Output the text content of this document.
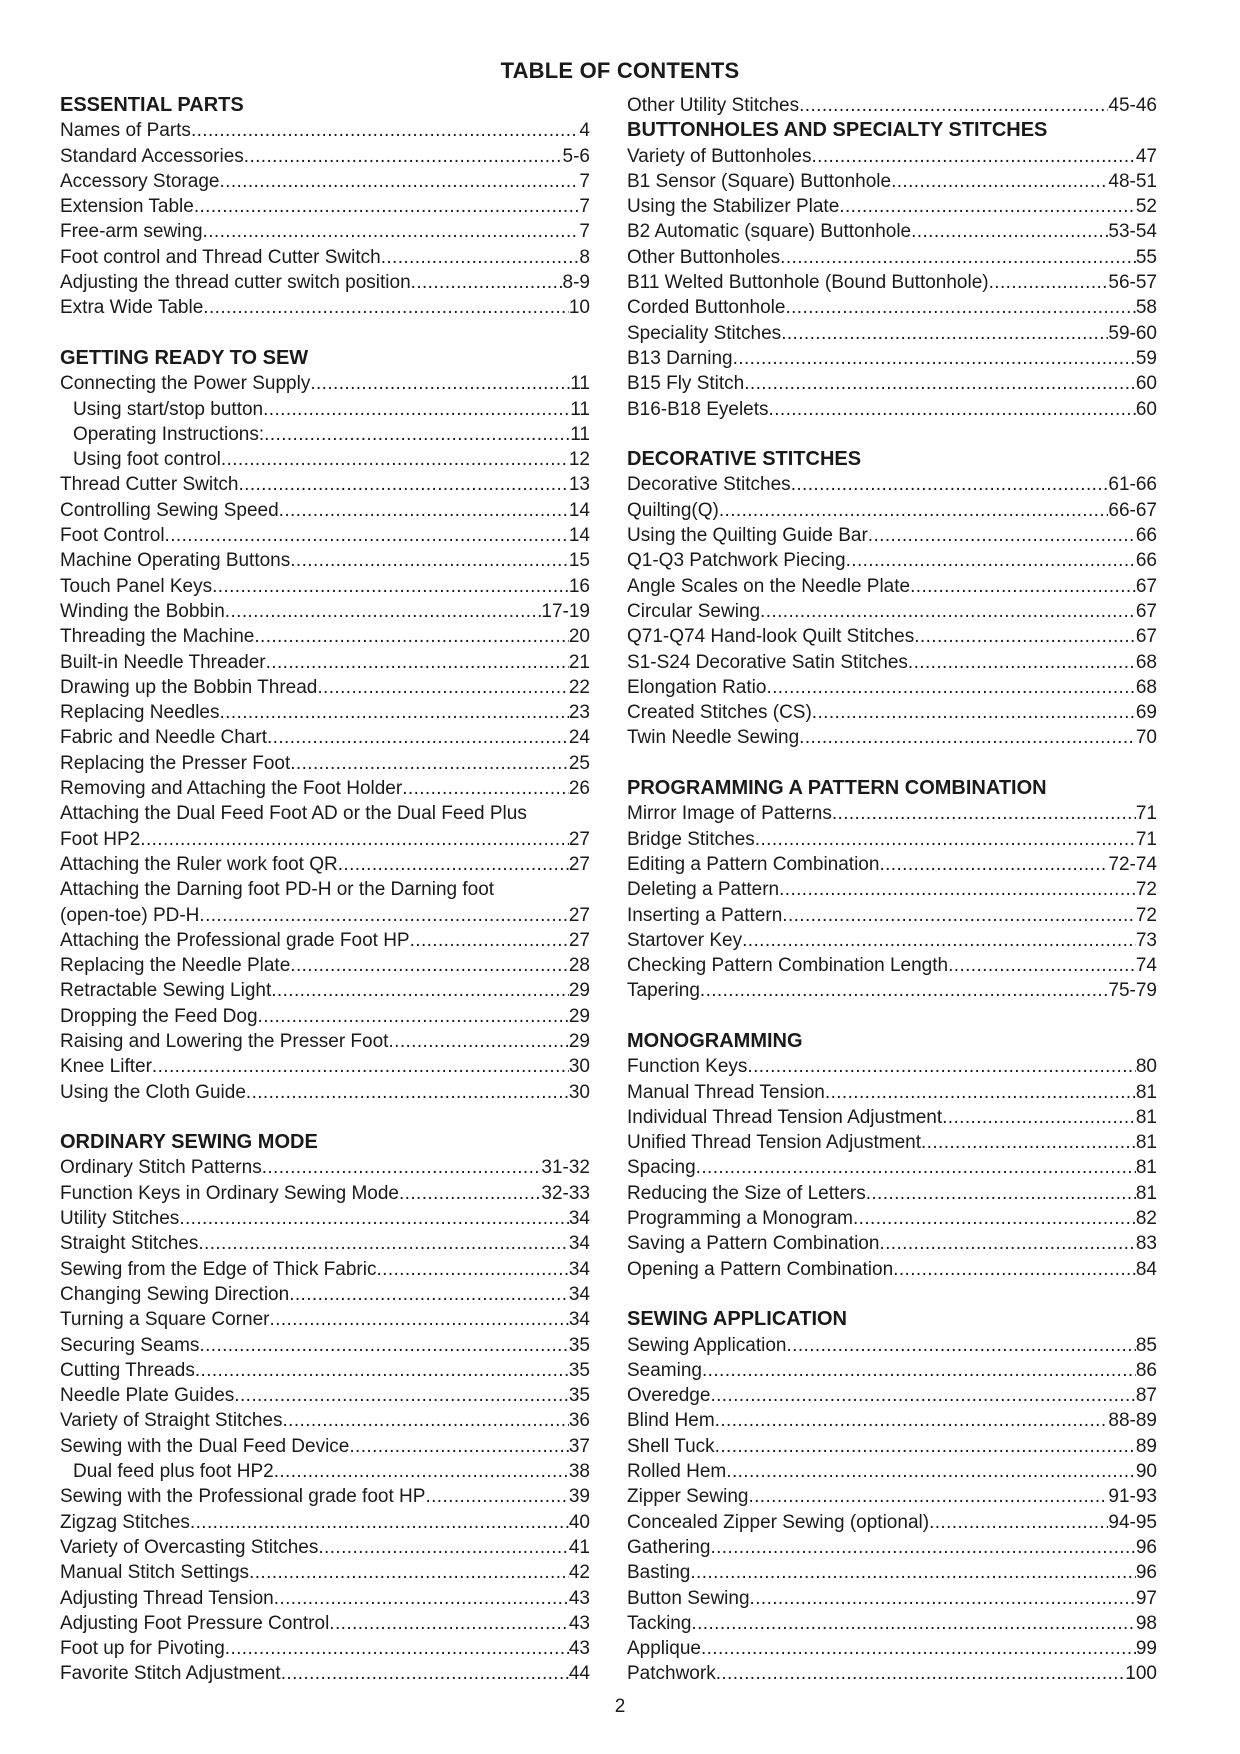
TABLE OF CONTENTS
ESSENTIAL PARTS
Names of Parts .....	4
Standard Accessories .....	5-6
Accessory Storage .....	7
Extension Table .....	7
Free-arm sewing .....	7
Foot control and Thread Cutter Switch .....	8
Adjusting the thread cutter switch position .....	8-9
Extra Wide Table .....	10
GETTING READY TO SEW
Connecting the Power Supply .....	11
Using start/stop button .....	11
Operating Instructions: .....	11
Using foot control .....	12
Thread Cutter Switch .....	13
Controlling Sewing Speed .....	14
Foot Control .....	14
Machine Operating Buttons .....	15
Touch Panel Keys .....	16
Winding the Bobbin .....	17-19
Threading the Machine .....	20
Built-in Needle Threader .....	21
Drawing up the Bobbin Thread .....	22
Replacing Needles .....	23
Fabric and Needle Chart .....	24
Replacing the Presser Foot .....	25
Removing and Attaching the Foot Holder .....	26
Attaching the Dual Feed Foot AD or the Dual Feed Plus
Foot HP2 .....	27
Attaching the Ruler work foot QR .....	27
Attaching the Darning foot PD-H or the Darning foot
(open-toe) PD-H .....	27
Attaching the Professional grade Foot HP .....	27
Replacing the Needle Plate .....	28
Retractable Sewing Light .....	29
Dropping the Feed Dog .....	29
Raising and Lowering the Presser Foot .....	29
Knee Lifter .....	30
Using the Cloth Guide .....	30
ORDINARY SEWING MODE
Ordinary Stitch Patterns .....	31-32
Function Keys in Ordinary Sewing Mode .....	32-33
Utility Stitches .....	34
Straight Stitches .....	34
Sewing from the Edge of Thick Fabric .....	34
Changing Sewing Direction .....	34
Turning a Square Corner .....	34
Securing Seams .....	35
Cutting Threads .....	35
Needle Plate Guides .....	35
Variety of Straight Stitches .....	36
Sewing with the Dual Feed Device .....	37
Dual feed plus foot HP2 .....	38
Sewing with the Professional grade foot HP .....	39
Zigzag Stitches .....	40
Variety of Overcasting Stitches .....	41
Manual Stitch Settings .....	42
Adjusting Thread Tension .....	43
Adjusting Foot Pressure Control .....	43
Foot up for Pivoting .....	43
Favorite Stitch Adjustment .....	44
Other Utility Stitches .....	45-46
BUTTONHOLES AND SPECIALTY STITCHES
Variety of Buttonholes .....	47
B1 Sensor (Square) Buttonhole .....	48-51
Using the Stabilizer Plate .....	52
B2 Automatic (square) Buttonhole .....	53-54
Other Buttonholes .....	55
B11 Welted Buttonhole (Bound Buttonhole) .....	56-57
Corded Buttonhole .....	58
Speciality Stitches .....	59-60
B13 Darning .....	59
B15 Fly Stitch .....	60
B16-B18 Eyelets .....	60
DECORATIVE STITCHES
Decorative Stitches .....	61-66
Quilting(Q) .....	66-67
Using the Quilting Guide Bar .....	66
Q1-Q3 Patchwork Piecing .....	66
Angle Scales on the Needle Plate .....	67
Circular Sewing .....	67
Q71-Q74 Hand-look Quilt Stitches .....	67
S1-S24 Decorative Satin Stitches .....	68
Elongation Ratio .....	68
Created Stitches (CS) .....	69
Twin Needle Sewing .....	70
PROGRAMMING A PATTERN COMBINATION
Mirror Image of Patterns .....	71
Bridge Stitches .....	71
Editing a Pattern Combination .....	72-74
Deleting a Pattern .....	72
Inserting a Pattern .....	72
Startover Key .....	73
Checking Pattern Combination Length .....	74
Tapering .....	75-79
MONOGRAMMING
Function Keys .....	80
Manual Thread Tension .....	81
Individual Thread Tension Adjustment .....	81
Unified Thread Tension Adjustment .....	81
Spacing .....	81
Reducing the Size of Letters .....	81
Programming a Monogram .....	82
Saving a Pattern Combination .....	83
Opening a Pattern Combination .....	84
SEWING APPLICATION
Sewing Application .....	85
Seaming .....	86
Overedge .....	87
Blind Hem .....	88-89
Shell Tuck .....	89
Rolled Hem .....	90
Zipper Sewing .....	91-93
Concealed Zipper Sewing (optional) .....	94-95
Gathering .....	96
Basting .....	96
Button Sewing .....	97
Tacking .....	98
Applique .....	99
Patchwork .....	100
2
